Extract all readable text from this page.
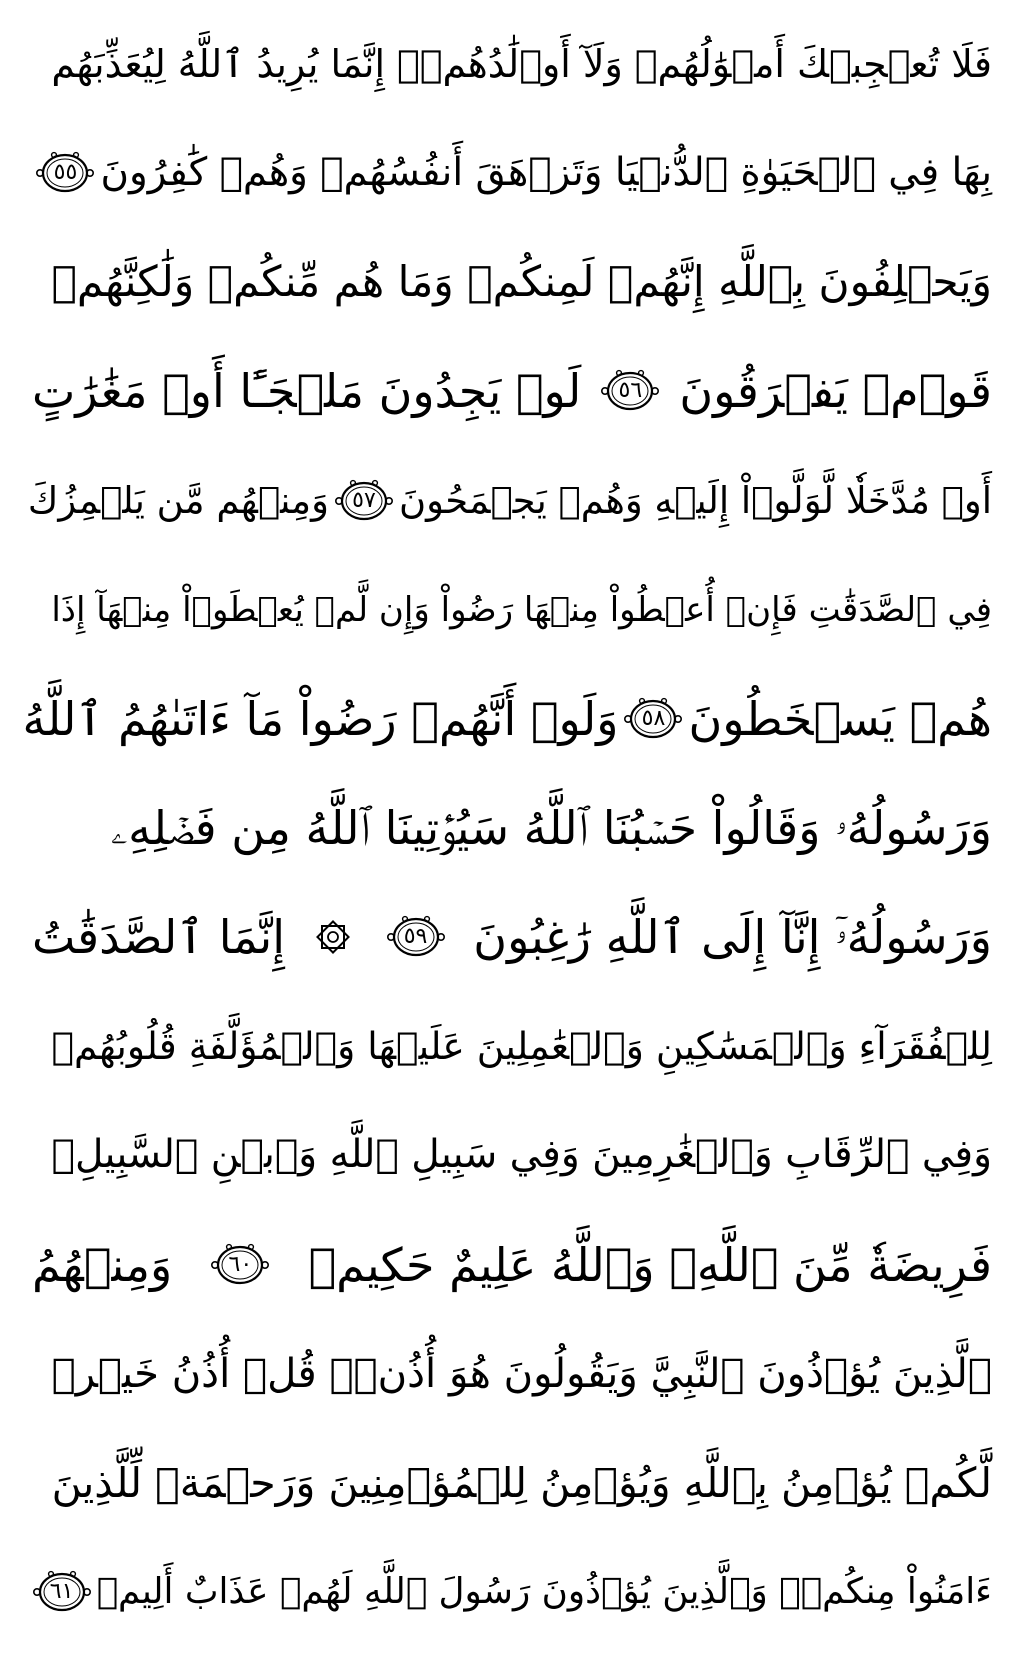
فَلَا تُعۡجِبۡكَ أَمۡوَٰلُهُمۡ وَلَآ أَوۡلَٰدُهُمۡۚ إِنَّمَا يُرِيدُ ٱللَّهُ لِيُعَذِّبَهُم
بِهَا فِي ٱلۡحَيَوٰةِ ٱلدُّنۡيَا وَتَزۡهَقَ أَنفُسُهُمۡ وَهُمۡ كَٰفِرُونَ
٥٥
وَيَحۡلِفُونَ بِٱللَّهِ إِنَّهُمۡ لَمِنكُمۡ وَمَا هُم مِّنكُمۡ وَلَٰكِنَّهُمۡ
قَوۡمٞ يَفۡرَقُونَ
٥٦
لَوۡ يَجِدُونَ مَلۡجَـًٔا أَوۡ مَغَٰرَٰتٍ
أَوۡ مُدَّخَلٗا لَّوَلَّوۡاْ إِلَيۡهِ وَهُمۡ يَجۡمَحُونَ
٥٧
وَمِنۡهُم مَّن يَلۡمِزُكَ
فِي ٱلصَّدَقَٰتِ فَإِنۡ أُعۡطُواْ مِنۡهَا رَضُواْ وَإِن لَّمۡ يُعۡطَوۡاْ مِنۡهَآ إِذَا
هُمۡ يَسۡخَطُونَ
٥٨
وَلَوۡ أَنَّهُمۡ رَضُواْ مَآ ءَاتَىٰهُمُ ٱللَّهُ
وَرَسُولُهُۥ وَقَالُواْ حَسۡبُنَا ٱللَّهُ سَيُؤۡتِينَا ٱللَّهُ مِن فَضۡلِهِۦ
وَرَسُولُهُۥٓ إِنَّآ إِلَى ٱللَّهِ رَٰغِبُونَ
٥٩
إِنَّمَا ٱلصَّدَقَٰتُ
لِلۡفُقَرَآءِ وَٱلۡمَسَٰكِينِ وَٱلۡعَٰمِلِينَ عَلَيۡهَا وَٱلۡمُؤَلَّفَةِ قُلُوبُهُمۡ
وَفِي ٱلرِّقَابِ وَٱلۡغَٰرِمِينَ وَفِي سَبِيلِ ٱللَّهِ وَٱبۡنِ ٱلسَّبِيلِۖ
فَرِيضَةٗ مِّنَ ٱللَّهِۗ وَٱللَّهُ عَلِيمٌ حَكِيمٞ
٦٠
وَمِنۡهُمُ
ٱلَّذِينَ يُؤۡذُونَ ٱلنَّبِيَّ وَيَقُولُونَ هُوَ أُذُنٞۚ قُلۡ أُذُنُ خَيۡرٖ
لَّكُمۡ يُؤۡمِنُ بِٱللَّهِ وَيُؤۡمِنُ لِلۡمُؤۡمِنِينَ وَرَحۡمَةٞ لِّلَّذِينَ
ءَامَنُواْ مِنكُمۡۚ وَٱلَّذِينَ يُؤۡذُونَ رَسُولَ ٱللَّهِ لَهُمۡ عَذَابٌ أَلِيمٞ
٦١
